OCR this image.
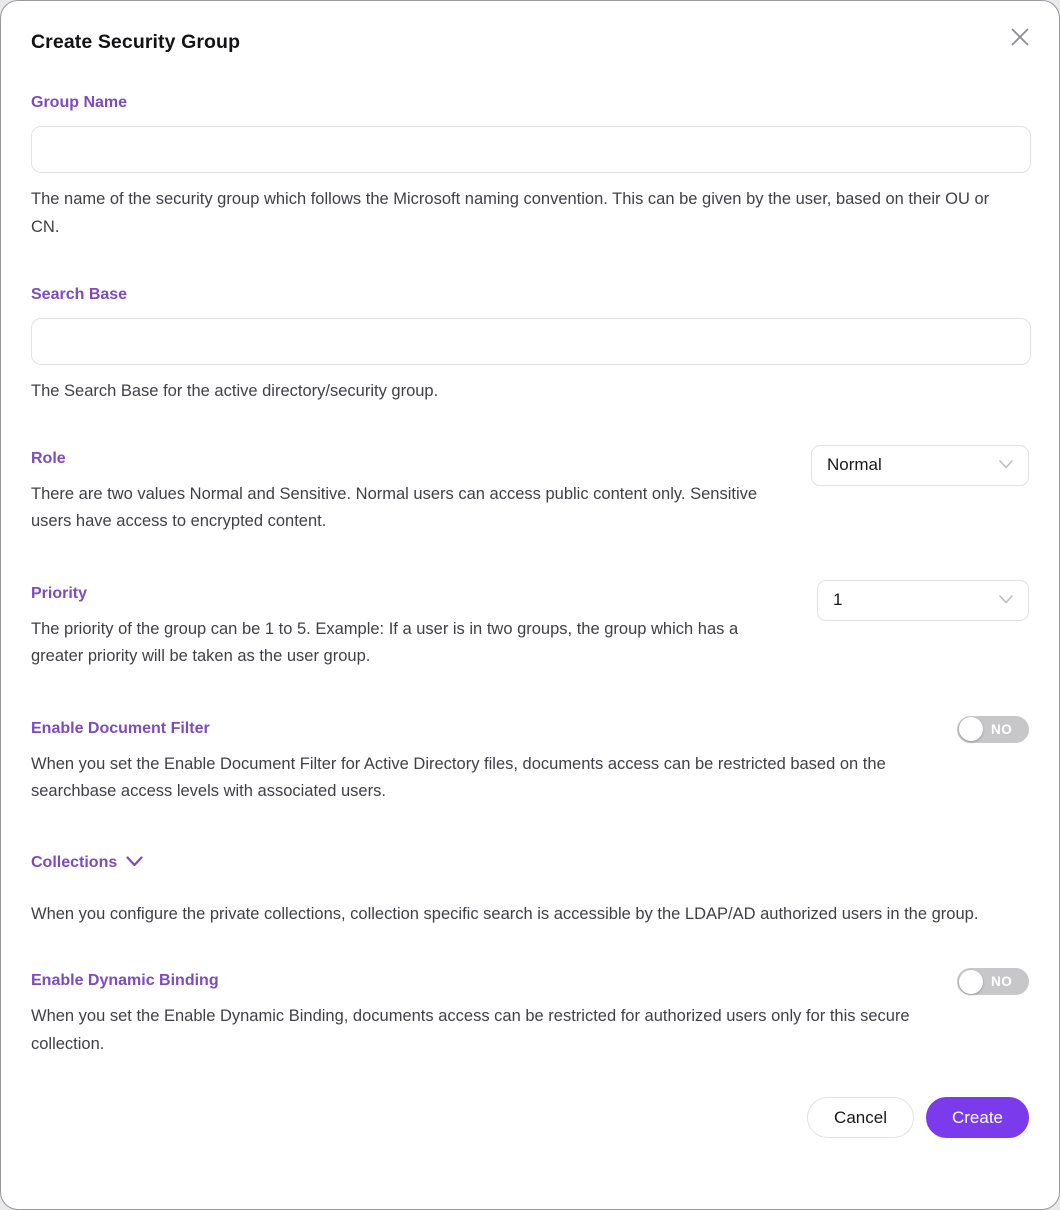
Create Security Group
Group Name
The name of the security group which follows the Microsoft naming convention. This can be given by the user, based on their OU or CN.
Search Base
The Search Base for the active directory/security group.
Role	Normal
There are two values Normal and Sensitive. Normal users can access public content only. Sensitive users have access to encrypted content.
Priority	1
The priority of the group can be 1 to 5. Example: If a user is in two groups, the group which has a greater priority will be taken as the user group.
Enable Document Filter	NO
When you set the Enable Document Filter for Active Directory files, documents access can be restricted based on the searchbase access levels with associated users.
Collections
When you configure the private collections, collection specific search is accessible by the LDAP/AD authorized users in the group.
Enable Dynamic Binding	NO
When you set the Enable Dynamic Binding, documents access can be restricted for authorized users only for this secure collection.
Cancel	Create
